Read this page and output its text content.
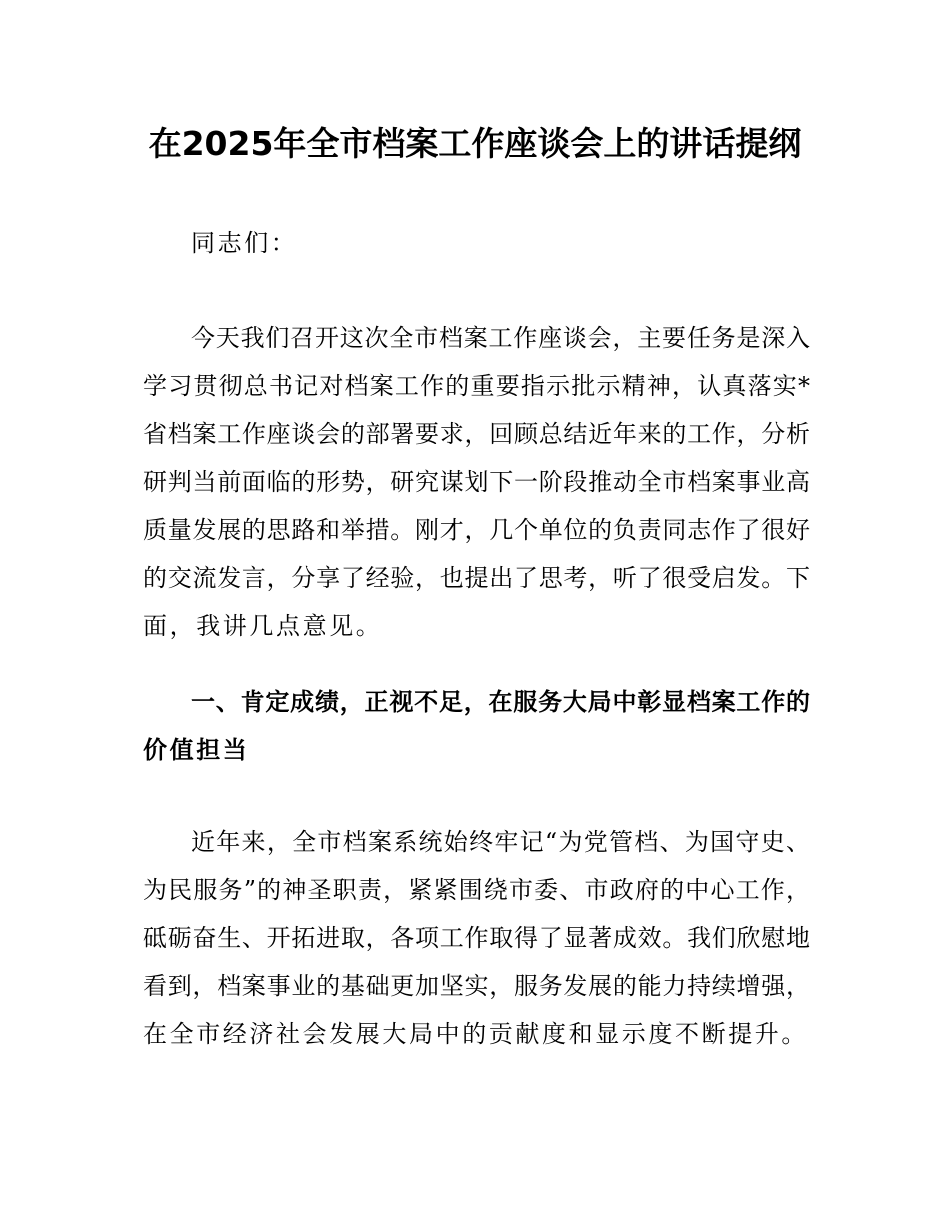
在2025年全市档案工作座谈会上的讲话提纲
同志们：
今天我们召开这次全市档案工作座谈会，主要任务是深入
学习贯彻总书记对档案工作的重要指示批示精神，认真落实*
省档案工作座谈会的部署要求，回顾总结近年来的工作，分析
研判当前面临的形势，研究谋划下一阶段推动全市档案事业高
质量发展的思路和举措。刚才，几个单位的负责同志作了很好
的交流发言，分享了经验，也提出了思考，听了很受启发。下
面，我讲几点意见。
一、肯定成绩，正视不足，在服务大局中彰显档案工作的
价值担当
近年来，全市档案系统始终牢记“为党管档、为国守史、
为民服务”的神圣职责，紧紧围绕市委、市政府的中心工作，
砥砺奋生、开拓进取，各项工作取得了显著成效。我们欣慰地
看到，档案事业的基础更加坚实，服务发展的能力持续增强，
在全市经济社会发展大局中的贡献度和显示度不断提升。
